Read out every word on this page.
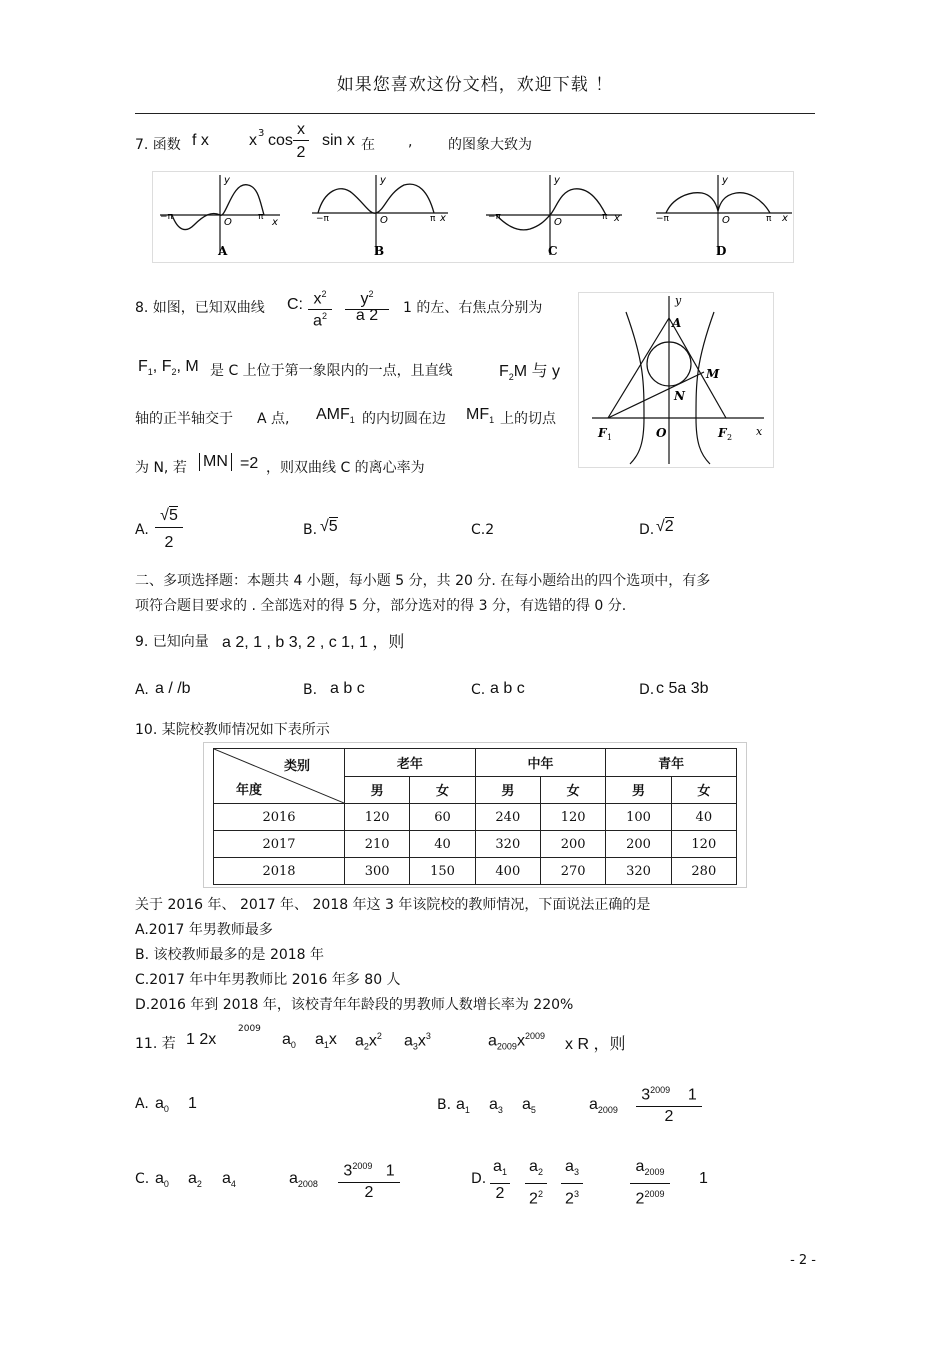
如果您喜欢这份文档，欢迎下载 ！
7. 函数 f x	x 3 cos
x
2
sin x 在 ,	的图象大致为
y
x
O
−π	π
A
y
x
O
−π	π
B
y
x
O
−π	π
C
y
x
O
−π	π
D
8. 如图，已知双曲线 C: $x^2$
$a^2$
$y^2$
a 2	1 的左、右焦点分别为
$F_1$, $F_2$, M 是 C 上位于第一象限内的一点，且直线	$F_2M$ 与 y
轴的正半轴交于 A 点, $AMF_1$ 的内切圆在边 $MF_1$ 上的切点
为 N, 若 MN =2 ，则双曲线 C 的离心率为
A
M
N
F 1	F 2
O	x
y
A.
√5
2
B. √5	C.2	D. √2
二、多项选择题：本题共 4 小题，每小题 5 分，共 20 分. 在每小题给出的四个选项中，有多
项符合题目要求的 . 全部选对的得 5 分，部分选对的得 3 分，有选错的得 0 分.
9. 已知向量 a 2, 1 , b 3, 2 , c 1, 1 ，则
A. a / /b	B. a b c	C. a b c	D. c 5a 3b
10. 某院校教师情况如下表所示
类别
年度	老年		中年		青年	
	男	女	男	女	男	女
2016	120	60	240	120	100	40
2017	210	40	320	200	200	120
2018	300	150	400	270	320	280
关于 2016 年、 2017 年、 2018 年这 3 年该院校的教师情况，下面说法正确的是
A.2017 年男教师最多
B. 该校教师最多的是 2018 年
C.2017 年中年男教师比 2016 年多 80 人
D.2016 年到 2018 年，该校青年年龄段的男教师人数增长率为 220%
11. 若 1 2x
2009
$a_0$ $a_1x$ $a_2x^2$ $a_3x^3$	$a_{2009}x^{2009}$ x R ，则
A. $a_0$ 1	B. $a_1$ $a_3$ $a_5$	$a_{2009}$
$3^{2009}$ 1
2
C. $a_0$ $a_2$ $a_4$	$a_{2008}$
$3^{2009}$ 1
2
D.
$a_1$
2
$a_2$
$2^2$
$a_3$
$2^3$
$a_{2009}$
$2^{2009}$
1
- 2 -
